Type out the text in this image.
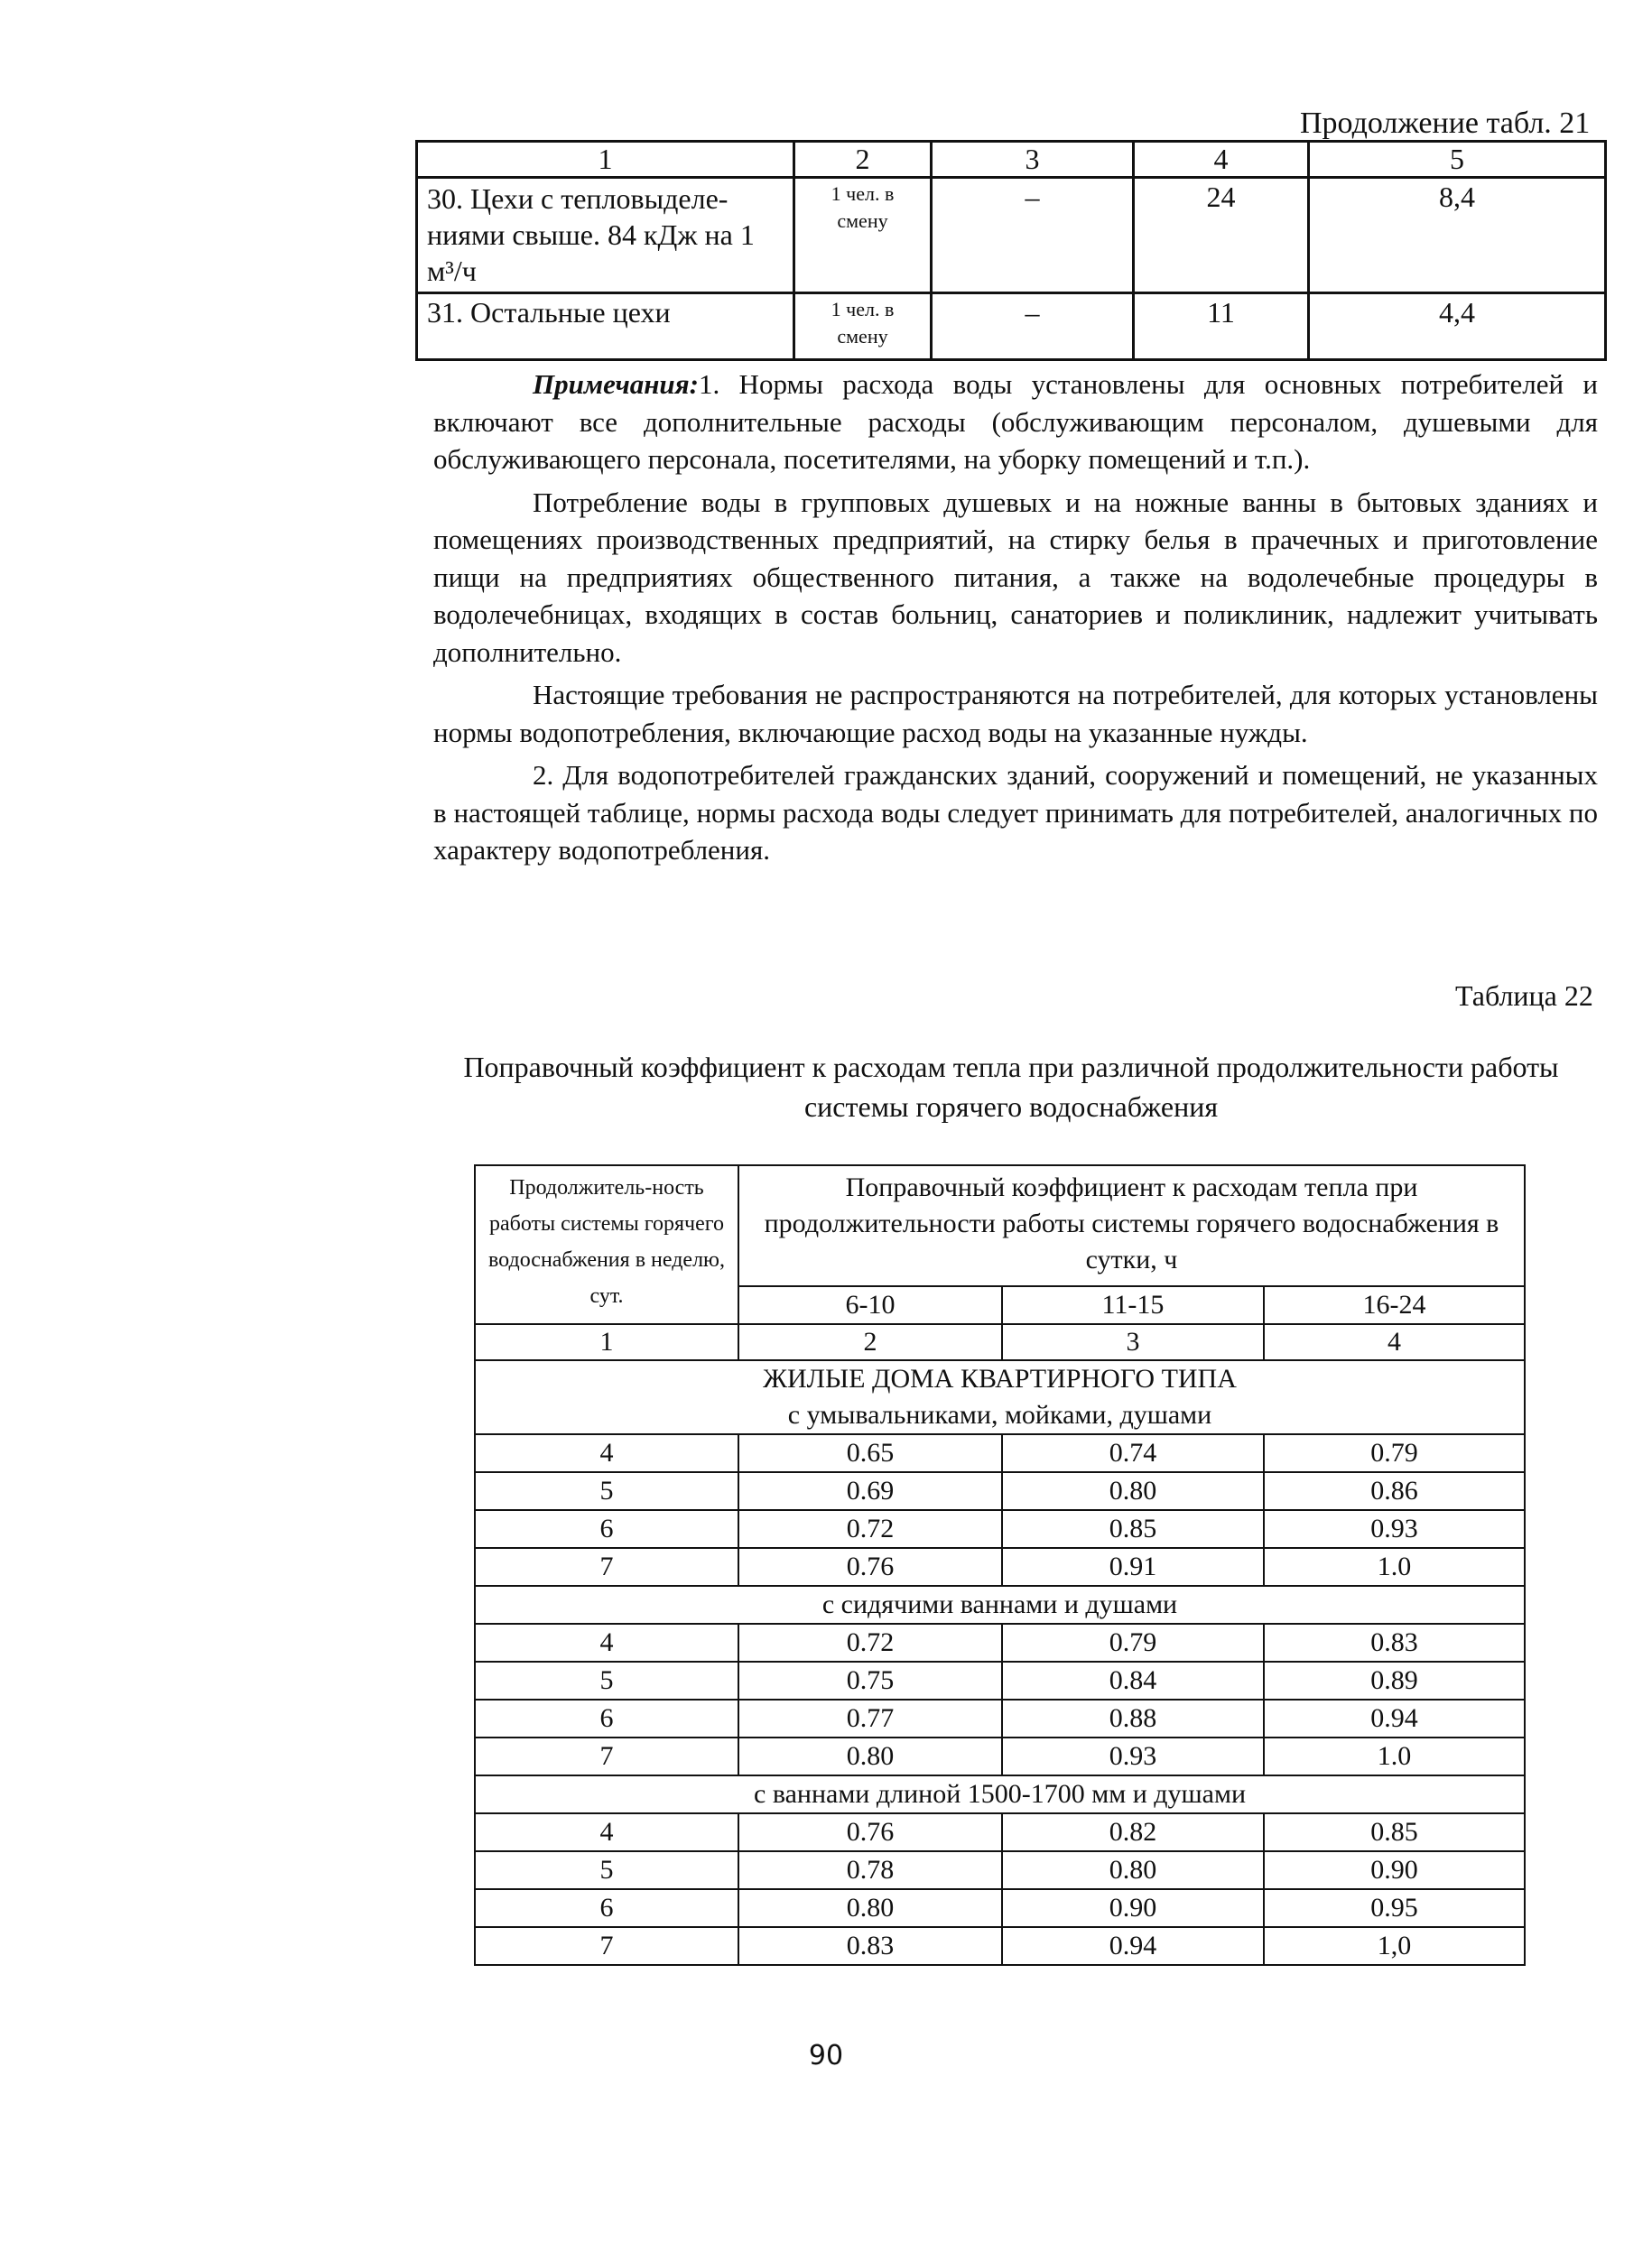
Продолжение табл. 21
1	2	3	4	5
30. Цехи с тепловыделе-ниями свыше. 84 кДж на 1 м³/ч	1 чел. в смену	–	24	8,4
31. Остальные цехи	1 чел. в смену	–	11	4,4

Примечания:1. Нормы расхода воды установлены для основных потребителей и включают все дополнительные расходы (обслуживающим персоналом, душевыми для обслуживающего персонала, посетителями, на уборку помещений и т.п.).

Потребление воды в групповых душевых и на ножные ванны в бытовых зданиях и помещениях производственных предприятий, на стирку белья в прачечных и приготовление пищи на предприятиях общественного питания, а также на водолечебные процедуры в водолечебницах, входящих в состав больниц, санаториев и поликлиник, надлежит учитывать дополнительно.

Настоящие требования не распространяются на потребителей, для которых установлены нормы водопотребления, включающие расход воды на указанные нужды.

2. Для водопотребителей гражданских зданий, сооружений и помещений, не указанных в настоящей таблице, нормы расхода воды следует принимать для потребителей, аналогичных по характеру водопотребления.

Таблица 22
Поправочный коэффициент к расходам тепла при различной продолжительности работы системы горячего водоснабжения
Продолжитель-ность работы системы горячего водоснабжения в неделю, сут.	Поправочный коэффициент к расходам тепла при продолжительности работы системы горячего водоснабжения в сутки, ч		
	6-10	11-15	16-24
1	2	3	4
ЖИЛЫЕ ДОМА КВАРТИРНОГО ТИПА			
с умывальниками, мойками, душами			
4	0.65	0.74	0.79
5	0.69	0.80	0.86
6	0.72	0.85	0.93
7	0.76	0.91	1.0
с сидячими ваннами и душами			
4	0.72	0.79	0.83
5	0.75	0.84	0.89
6	0.77	0.88	0.94
7	0.80	0.93	1.0
с ваннами длиной 1500-1700 мм и душами			
4	0.76	0.82	0.85
5	0.78	0.80	0.90
6	0.80	0.90	0.95
7	0.83	0.94	1,0
90
